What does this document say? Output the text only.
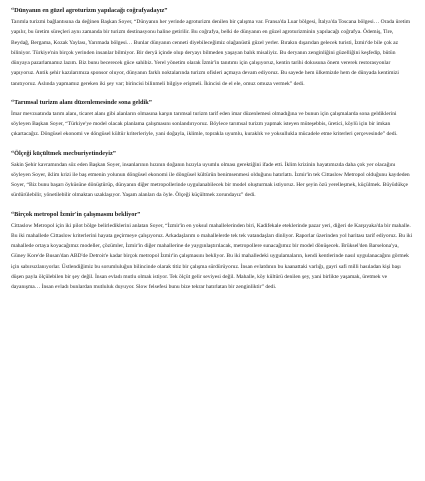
“Dünyanın en güzel agroturizm yapılacağı coğrafyadayız”

Tarımla turizmi bağlantısına da değinen Başkan Soyer, “Dünyanın her yerinde agroturizm denilen bir çalışma var. Fransa'da Luar bölgesi, İtalya'da Toscana bölgesi… Orada üretim yapılır, bu üretim süreçleri aynı zamanda bir turizm destinasyonu haline getirilir. Bu coğrafya, belki de dünyanın en güzel agroturizminin yapılacağı coğrafya. Ödemiş, Tire, Beydağ, Bergama, Kozak Yaylası, Yarımada bölgesi… Bunlar dünyanın cenneti diyebileceğimiz olağanüstü güzel yerler. Bırakın dışarıdan gelecek turisti, İzmir'de bile çok az biliniyor. Türkiye'nin birçok yerinden insanlar bilmiyor. Bir deryâ içinde olup deryayı bilmeden yaşayan balık misaliyiz. Bu deryanın zenginliğini güzelliğini keşfedip, bütün dünyaya pazarlamamız lazım. Biz bunu becerecek güce sahibiz. Yerel yönetim olarak İzmir'in tanıtımı için çalışıyoruz, kentin tarihi dokusuna önem vererek restorasyonlar yapıyoruz. Antik şehir kazılarımıza sponsor oluyor, dünyanın farklı noktalarında turizm ofisleri açmaya devam ediyoruz. Bu sayede hem ülkemizde hem de dünyada kentimizi tanıtıyoruz. Aslında yapmamız gereken iki şey var; birincisi bilinmeli bilgiye erişmeli. İkincisi de el ele, omuz omuza vermek” dedi.

“Tarımsal turizm alanı düzenlemesinde sona geldik”

İmar mevzuatında tarım alanı, ticaret alanı gibi alanların olmasına karşın tarımsal turizm tarif eden imar düzenlemesi olmadığına ve bunun için çalışmalarda sona geldiklerini söyleyen Başkan Soyer, “Türkiye'ye model olacak planlama çalışmasını sonlandırıyoruz. Böylece tarımsal turizm yapmak isteyen müteşebbis, üretici, köylü için bir imkan çıkartacağız. Döngüsel ekonomi ve döngüsel kültür kriterleriyle, yani doğayla, iklimle, toprakla uyumlu, kuraklık ve yoksullukla mücadele etme kriterleri çerçevesinde” dedi.

“Ölçeği küçültmek mecburiyetindeyiz”

Sakin Şehir kavramından söz eden Başkan Soyer, insanlarının hızının doğanın hızıyla uyumlu olması gerektiğini ifade etti. İklim krizinin hayatımızda daha çok yer olacağını söyleyen Soyer, iklim krizi ile baş etmenin yolunun döngüsel ekonomi ile döngüsel kültürün benimsenmesi olduğunu hatırlattı. İzmir'in tek Cittaslow Metropol olduğunu kaydeden Soyer, “Biz bunu başarı öyküsüne dönüştürüp, dünyanın diğer metropollerinde uygulanabilecek bir model oluşturmak istiyoruz. Her şeyin özü yerelleşmek, küçülmek. Büyüdükçe sürdürülebilir, yönetilebilir olmaktan uzaklaşıyor. Yaşam alanları da öyle. Ölçeği küçültmek zorundayız” dedi.

“Birçok metropol İzmir'in çalışmasını bekliyor”

Cittaslow Metropol için iki pilot bölge belirlediklerini anlatan Soyer, “İzmir'in en yoksul mahallelerinden biri, Kadifekale eteklerinde pazar yeri, diğeri de Karşıyaka'da bir mahalle. Bu iki mahallede Cittaslow kriterlerini hayata geçirmeye çalışıyoruz. Arkadaşlarım o mahallelerde tek tek vatandaşları dinliyor. Raporlar üzerinden yol haritası tarif ediyoruz. Bu iki mahallede ortaya koyacağımız modeller, çözümler, İzmir'in diğer mahallerine de yaygınlaştırılacak, metropollere sunacağımız bir model dönüşecek. Brüksel'den Barselona'ya, Güney Kore'de Busan'dan ABD'de Detroit'e kadar birçok metropol İzmir'in çalışmasını bekliyor. Bu iki mahalledeki uygulamaların, kendi kentlerinde nasıl uygulanacağını görmek için sabırsızlanıyorlar. Üstlendiğimiz bu sorumluluğun bilincinde olarak titiz bir çalışma sürdürüyoruz. İnsan evlatdının bu kaanattaki varlığı, gayri safi milli hasıladan kişi başı düşen payla ölçülebilen bir şey değil. İnsan evladı mutlu olmak istiyor. Tek ölçüt gelir seviyesi değil. Mahalle, köy kültürü denilen şey, yani birlikte yaşamak, üretmek ve dayanışma… İnsan evladı bunlardan mutluluk duyuyor. Slow felsefesi bunu bize tekrar hatırlatan bir zenginliktir” dedi.
